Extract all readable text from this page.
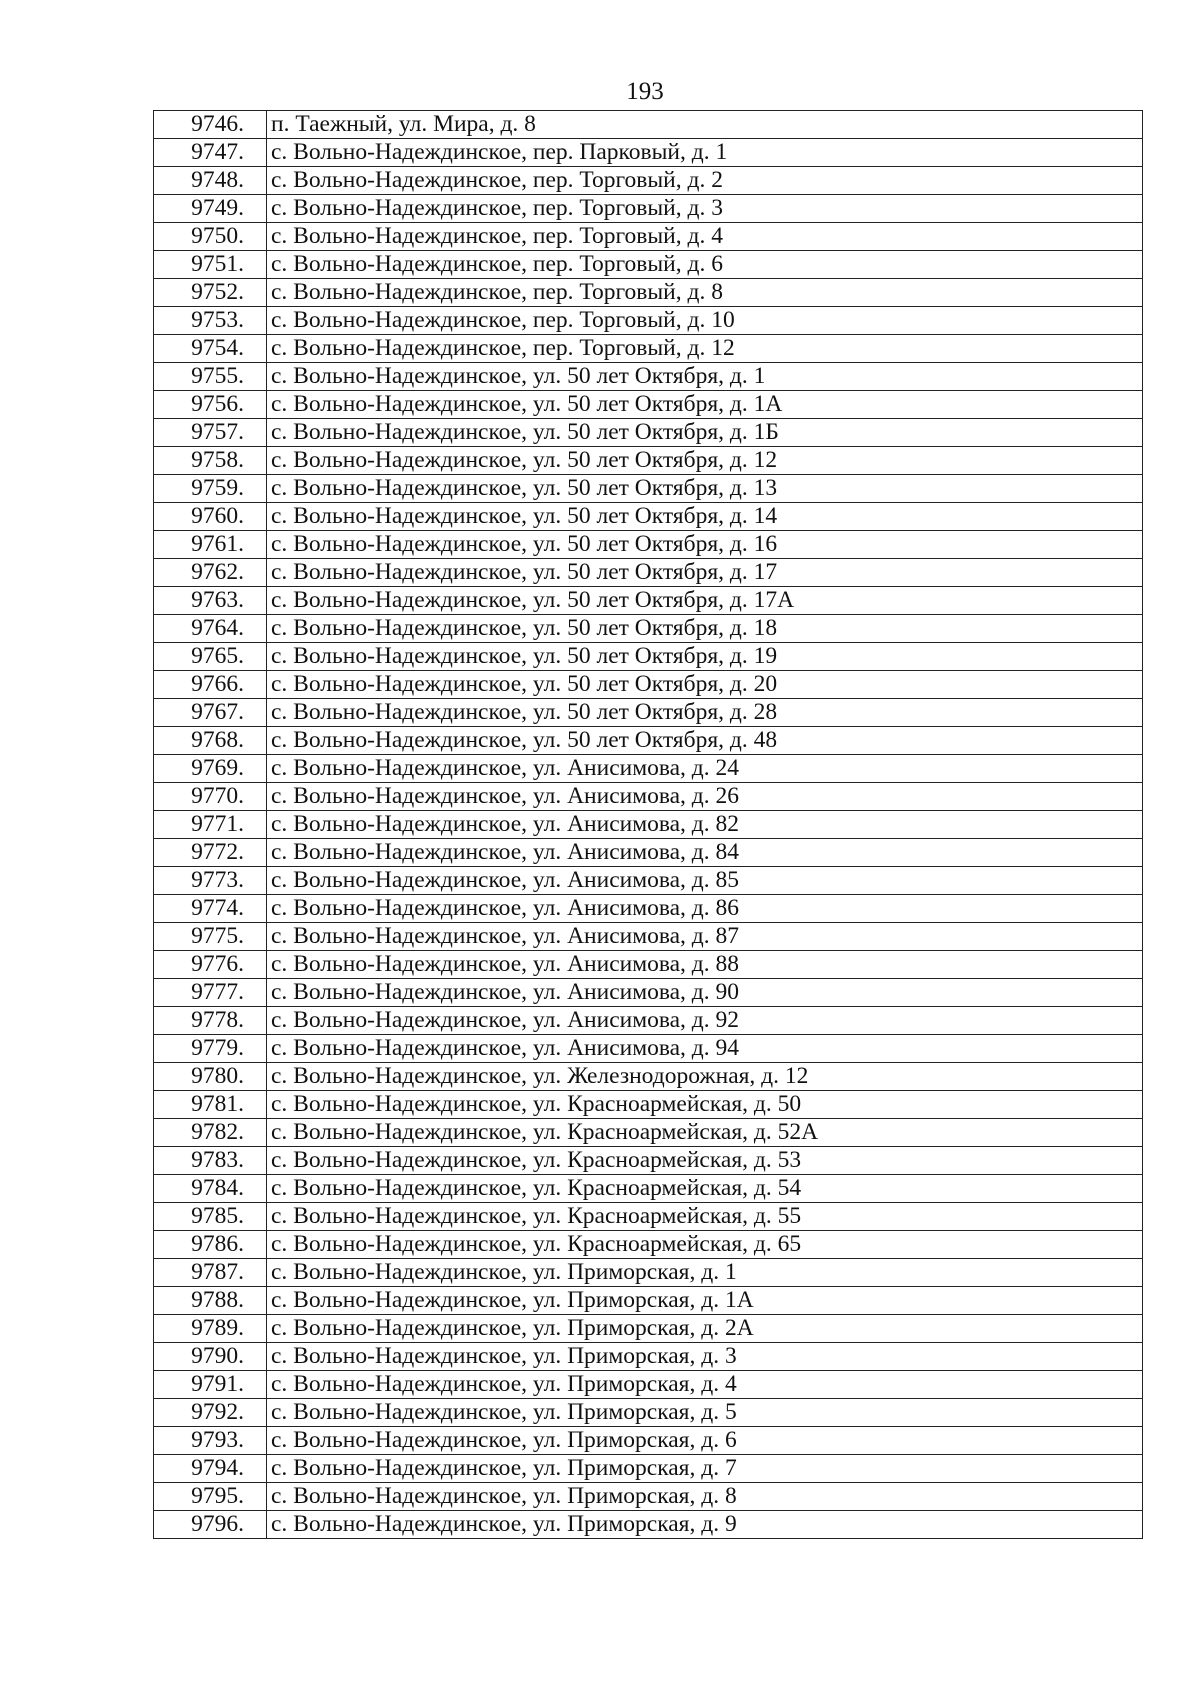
193
9746.	п. Таежный, ул. Мира, д. 8
9747.	с. Вольно-Надеждинское, пер. Парковый, д. 1
9748.	с. Вольно-Надеждинское, пер. Торговый, д. 2
9749.	с. Вольно-Надеждинское, пер. Торговый, д. 3
9750.	с. Вольно-Надеждинское, пер. Торговый, д. 4
9751.	с. Вольно-Надеждинское, пер. Торговый, д. 6
9752.	с. Вольно-Надеждинское, пер. Торговый, д. 8
9753.	с. Вольно-Надеждинское, пер. Торговый, д. 10
9754.	с. Вольно-Надеждинское, пер. Торговый, д. 12
9755.	с. Вольно-Надеждинское, ул. 50 лет Октября, д. 1
9756.	с. Вольно-Надеждинское, ул. 50 лет Октября, д. 1А
9757.	с. Вольно-Надеждинское, ул. 50 лет Октября, д. 1Б
9758.	с. Вольно-Надеждинское, ул. 50 лет Октября, д. 12
9759.	с. Вольно-Надеждинское, ул. 50 лет Октября, д. 13
9760.	с. Вольно-Надеждинское, ул. 50 лет Октября, д. 14
9761.	с. Вольно-Надеждинское, ул. 50 лет Октября, д. 16
9762.	с. Вольно-Надеждинское, ул. 50 лет Октября, д. 17
9763.	с. Вольно-Надеждинское, ул. 50 лет Октября, д. 17А
9764.	с. Вольно-Надеждинское, ул. 50 лет Октября, д. 18
9765.	с. Вольно-Надеждинское, ул. 50 лет Октября, д. 19
9766.	с. Вольно-Надеждинское, ул. 50 лет Октября, д. 20
9767.	с. Вольно-Надеждинское, ул. 50 лет Октября, д. 28
9768.	с. Вольно-Надеждинское, ул. 50 лет Октября, д. 48
9769.	с. Вольно-Надеждинское, ул. Анисимова, д. 24
9770.	с. Вольно-Надеждинское, ул. Анисимова, д. 26
9771.	с. Вольно-Надеждинское, ул. Анисимова, д. 82
9772.	с. Вольно-Надеждинское, ул. Анисимова, д. 84
9773.	с. Вольно-Надеждинское, ул. Анисимова, д. 85
9774.	с. Вольно-Надеждинское, ул. Анисимова, д. 86
9775.	с. Вольно-Надеждинское, ул. Анисимова, д. 87
9776.	с. Вольно-Надеждинское, ул. Анисимова, д. 88
9777.	с. Вольно-Надеждинское, ул. Анисимова, д. 90
9778.	с. Вольно-Надеждинское, ул. Анисимова, д. 92
9779.	с. Вольно-Надеждинское, ул. Анисимова, д. 94
9780.	с. Вольно-Надеждинское, ул. Железнодорожная, д. 12
9781.	с. Вольно-Надеждинское, ул. Красноармейская, д. 50
9782.	с. Вольно-Надеждинское, ул. Красноармейская, д. 52А
9783.	с. Вольно-Надеждинское, ул. Красноармейская, д. 53
9784.	с. Вольно-Надеждинское, ул. Красноармейская, д. 54
9785.	с. Вольно-Надеждинское, ул. Красноармейская, д. 55
9786.	с. Вольно-Надеждинское, ул. Красноармейская, д. 65
9787.	с. Вольно-Надеждинское, ул. Приморская, д. 1
9788.	с. Вольно-Надеждинское, ул. Приморская, д. 1А
9789.	с. Вольно-Надеждинское, ул. Приморская, д. 2А
9790.	с. Вольно-Надеждинское, ул. Приморская, д. 3
9791.	с. Вольно-Надеждинское, ул. Приморская, д. 4
9792.	с. Вольно-Надеждинское, ул. Приморская, д. 5
9793.	с. Вольно-Надеждинское, ул. Приморская, д. 6
9794.	с. Вольно-Надеждинское, ул. Приморская, д. 7
9795.	с. Вольно-Надеждинское, ул. Приморская, д. 8
9796.	с. Вольно-Надеждинское, ул. Приморская, д. 9
